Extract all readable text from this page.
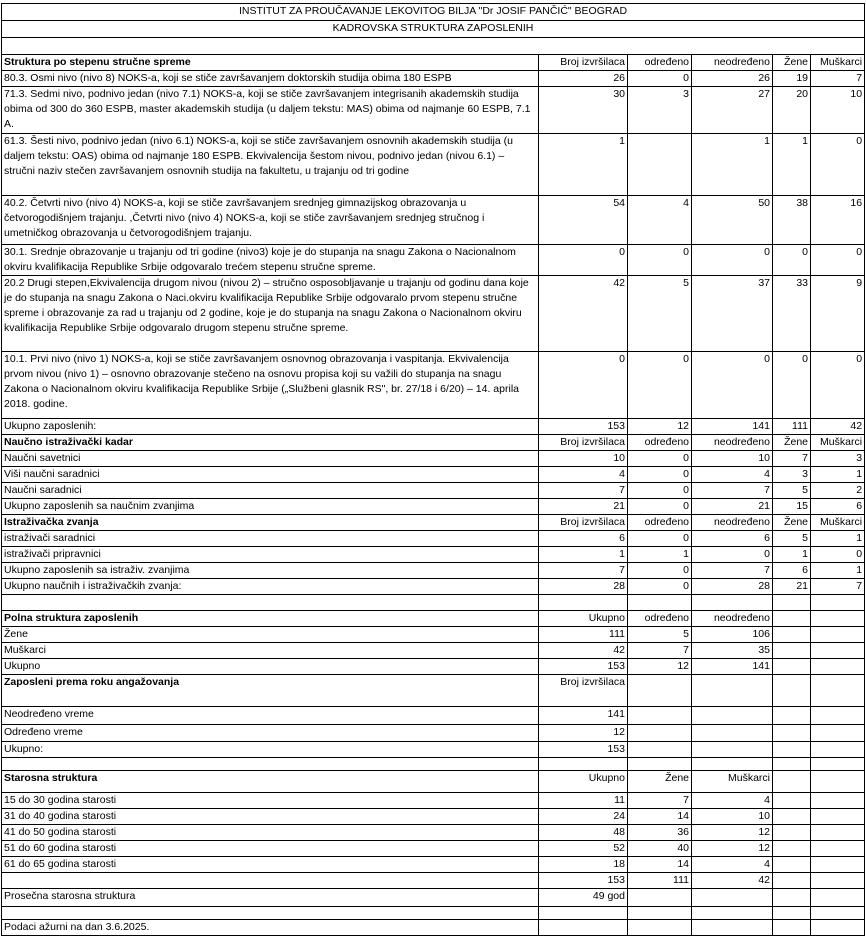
INSTITUT ZA PROUČAVANJE LEKOVITOG BILJA "Dr JOSIF PANČIĆ" BEOGRAD					
KADROVSKA STRUKTURA ZAPOSLENIH					

Struktura po stepenu stručne spreme	Broj izvršilaca	određeno	neodređeno	Žene	Muškarci
80.3. Osmi nivo (nivo 8) NOKS-a, koji se stiče završavanjem doktorskih studija obima 180 ESPB	26	0	26	19	7
71.3. Sedmi nivo, podnivo jedan (nivo 7.1) NOKS-a, koji se stiče završavanjem integrisanih akademskih studija obima od 300 do 360 ESPB, master akademskih studija (u daljem tekstu: MAS) obima od najmanje 60 ESPB, 7.1 A.	30	3	27	20	10
61.3. Šesti nivo, podnivo jedan (nivo 6.1) NOKS-a, koji se stiče završavanjem osnovnih akademskih studija (u daljem tekstu: OAS) obima od najmanje 180 ESPB. Ekvivalencija šestom nivou, podnivo jedan (nivou 6.1) – stručni naziv stečen završavanjem osnovnih studija na fakultetu, u trajanju od tri godine	1		1	1	0
40.2. Četvrti nivo (nivo 4) NOKS-a, koji se stiče završavanjem srednjeg gimnazijskog obrazovanja u četvorogodišnjem trajanju. ,Četvrti nivo (nivo 4) NOKS-a, koji se stiče završavanjem srednjeg stručnog i umetničkog obrazovanja u četvorogodišnjem trajanju.	54	4	50	38	16
30.1. Srednje obrazovanje u trajanju od tri godine (nivo3) koje je do stupanja na snagu Zakona o Nacionalnom okviru kvalifikacija Republike Srbije odgovaralo trećem stepenu stručne spreme.	0	0	0	0	0
20.2 Drugi stepen,Ekvivalencija drugom nivou (nivou 2) – stručno osposobljavanje u trajanju od godinu dana koje je do stupanja na snagu Zakona o Naci.okviru kvalifikacija Republike Srbije odgovaralo prvom stepenu stručne spreme i obrazovanje za rad u trajanju od 2 godine, koje je do stupanja na snagu Zakona o Nacionalnom okviru kvalifikacija Republike Srbije odgovaralo drugom stepenu stručne spreme.	42	5	37	33	9
10.1. Prvi nivo (nivo 1) NOKS-a, koji se stiče završavanjem osnovnog obrazovanja i vaspitanja. Ekvivalencija prvom nivou (nivo 1) – osnovno obrazovanje stečeno na osnovu propisa koji su važili do stupanja na snagu Zakona o Nacionalnom okviru kvalifikacija Republike Srbije („Službeni glasnik RS", br. 27/18 i 6/20) – 14. aprila 2018. godine.	0	0	0	0	0
Ukupno zaposlenih:	153	12	141	111	42
Naučno istraživački kadar	Broj izvršilaca	određeno	neodređeno	Žene	Muškarci
Naučni savetnici	10	0	10	7	3
Viši naučni saradnici	4	0	4	3	1
Naučni saradnici	7	0	7	5	2
Ukupno zaposlenih sa naučnim zvanjima	21	0	21	15	6
Istraživačka zvanja	Broj izvršilaca	određeno	neodređeno	Žene	Muškarci
istraživači saradnici	6	0	6	5	1
istraživači pripravnici	1	1	0	1	0
Ukupno zaposlenih sa istraživ. zvanjima	7	0	7	6	1
Ukupno naučnih i istraživačkih zvanja:	28	0	28	21	7

Polna struktura zaposlenih	Ukupno	određeno	neodređeno		
Žene	111	5	106		
Muškarci	42	7	35		
Ukupno	153	12	141		
Zaposleni prema roku angažovanja	Broj izvršilaca				
Neodređeno vreme	141				
Određeno vreme	12				
Ukupno:	153				

Starosna struktura	Ukupno	Žene	Muškarci		
15 do 30 godina starosti	11	7	4		
31 do 40 godina starosti	24	14	10		
41 do 50 godina starosti	48	36	12		
51 do 60 godina starosti	52	40	12		
61 do 65 godina starosti	18	14	4		
	153	111	42		
Prosečna starosna struktura	49 god				

Podaci ažurni na dan 3.6.2025.					
